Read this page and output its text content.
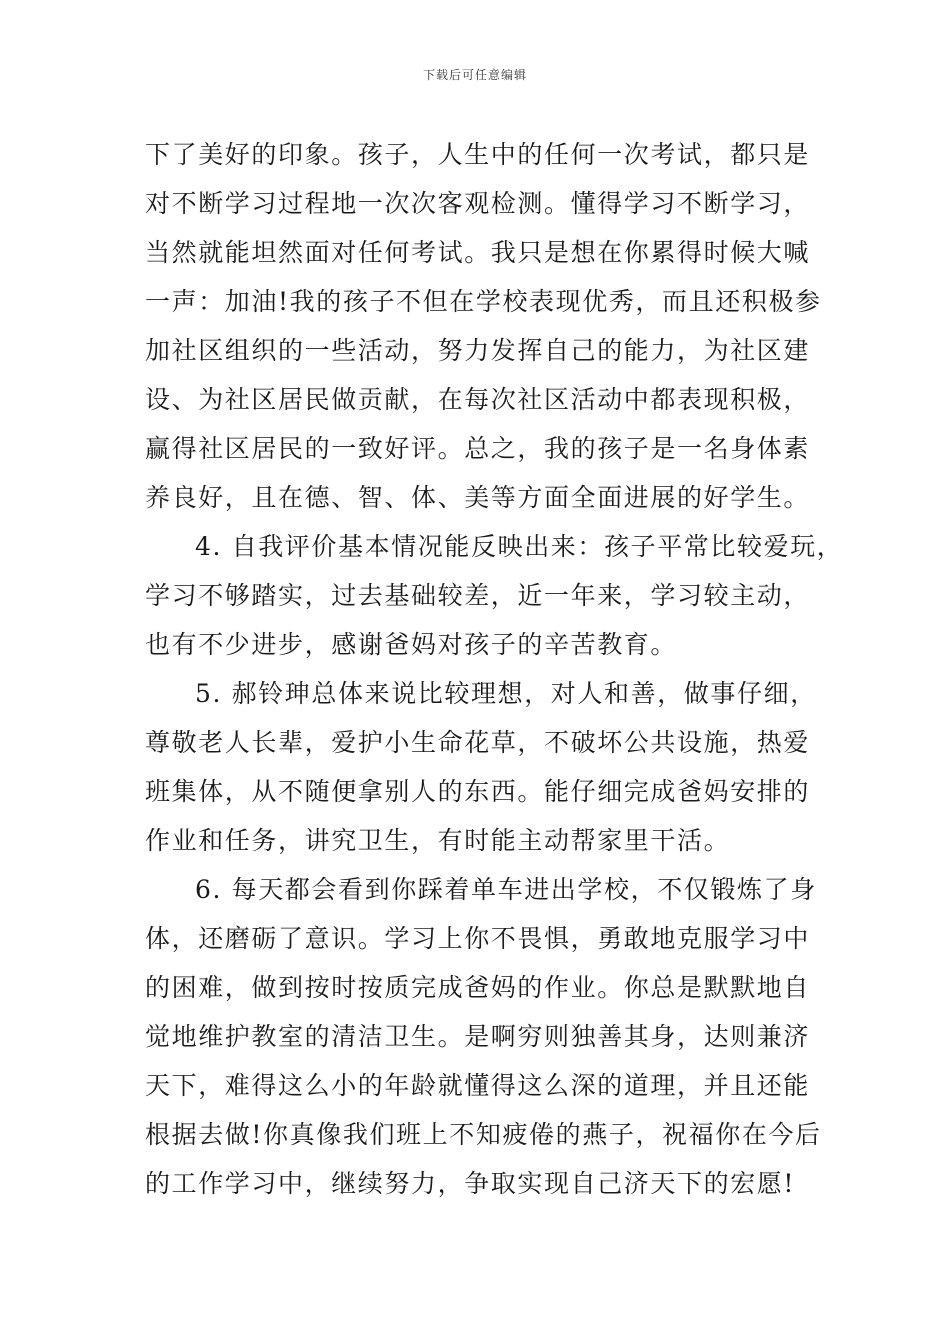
下载后可任意编辑
下了美好的印象。孩子，人生中的任何一次考试，都只是
对不断学习过程地一次次客观检测。懂得学习不断学习，
当然就能坦然面对任何考试。我只是想在你累得时候大喊
一声：加油!我的孩子不但在学校表现优秀，而且还积极参
加社区组织的一些活动，努力发挥自己的能力，为社区建
设、为社区居民做贡献，在每次社区活动中都表现积极，
赢得社区居民的一致好评。总之，我的孩子是一名身体素
养良好，且在德、智、体、美等方面全面进展的好学生。
4. 自我评价基本情况能反映出来：孩子平常比较爱玩，
学习不够踏实，过去基础较差，近一年来，学习较主动，
也有不少进步，感谢爸妈对孩子的辛苦教育。
5. 郝铃珅总体来说比较理想，对人和善，做事仔细，
尊敬老人长辈，爱护小生命花草，不破坏公共设施，热爱
班集体，从不随便拿别人的东西。能仔细完成爸妈安排的
作业和任务，讲究卫生，有时能主动帮家里干活。
6. 每天都会看到你踩着单车进出学校，不仅锻炼了身
体，还磨砺了意识。学习上你不畏惧，勇敢地克服学习中
的困难，做到按时按质完成爸妈的作业。你总是默默地自
觉地维护教室的清洁卫生。是啊穷则独善其身，达则兼济
天下，难得这么小的年龄就懂得这么深的道理，并且还能
根据去做!你真像我们班上不知疲倦的燕子，祝福你在今后
的工作学习中，继续努力，争取实现自己济天下的宏愿!
